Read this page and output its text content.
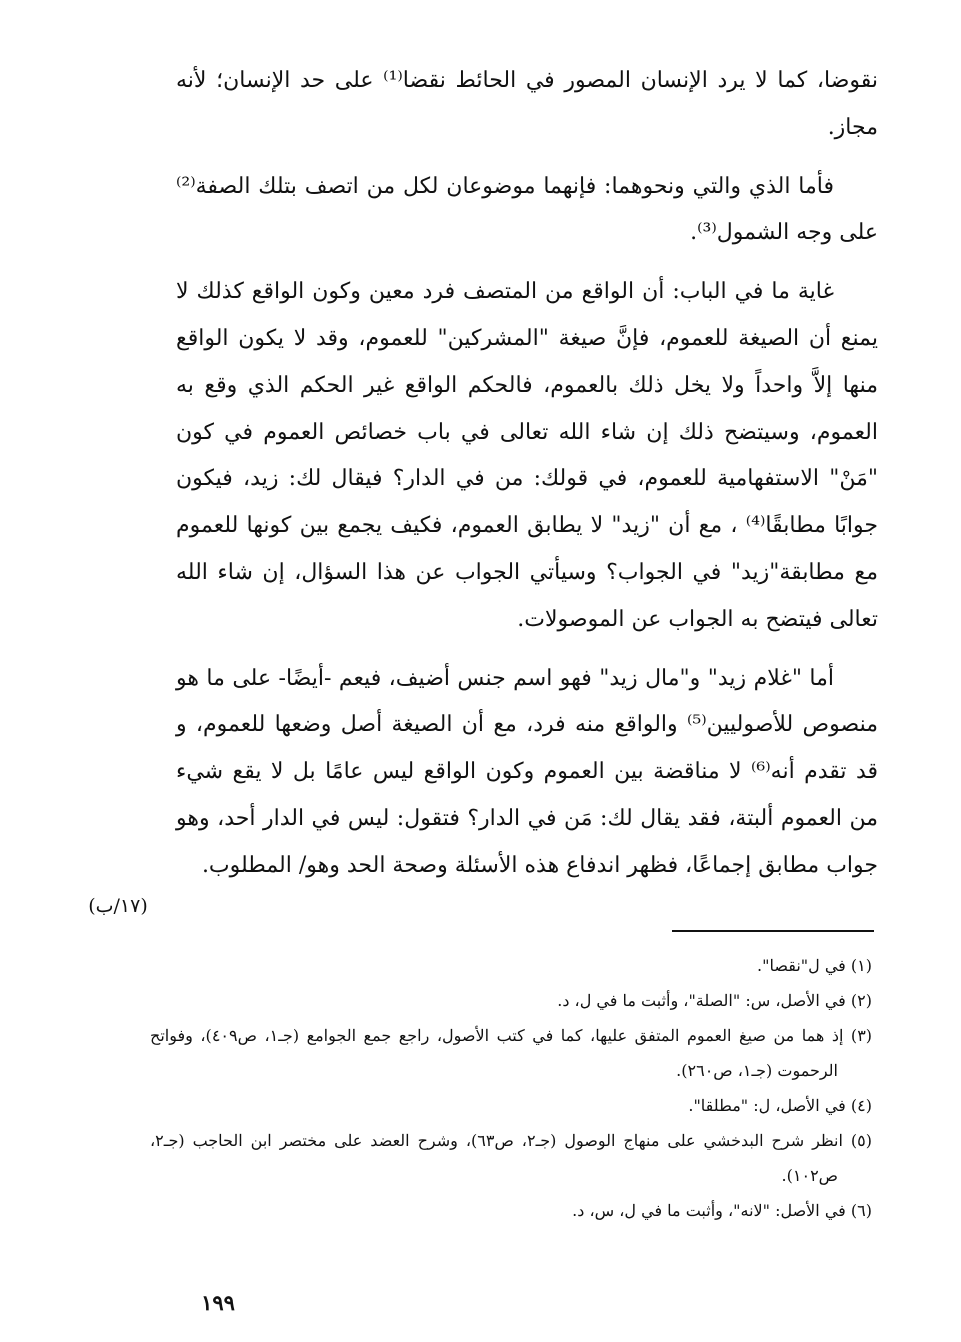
نقوضا، كما لا يرد الإنسان المصور في الحائط نقضا⁽¹⁾ على حد الإنسان؛ لأنه مجاز.

فأما الذي والتي ونحوهما: فإنهما موضوعان لكل من اتصف بتلك الصفة⁽²⁾ على وجه الشمول⁽³⁾.

غاية ما في الباب: أن الواقع من المتصف فرد معين وكون الواقع كذلك لا يمنع أن الصيغة للعموم، فإنَّ صيغة "المشركين" للعموم، وقد لا يكون الواقع منها إلاَّ واحداً ولا يخل ذلك بالعموم، فالحكم الواقع غير الحكم الذي وقع به العموم، وسيتضح ذلك إن شاء الله تعالى في باب خصائص العموم في كون "مَنْ" الاستفهامية للعموم، في قولك: من في الدار؟ فيقال لك: زيد، فيكون جوابًا مطابقًا⁽⁴⁾ ، مع أن "زيد" لا يطابق العموم، فكيف يجمع بين كونها للعموم مع مطابقة"زيد" في الجواب؟ وسيأتي الجواب عن هذا السؤال، إن شاء الله تعالى فيتضح به الجواب عن الموصولات.

أما "غلام زيد" و"مال زيد" فهو اسم جنس أضيف، فيعم -أيضًا- على ما هو منصوص للأصوليين⁽⁵⁾ والواقع منه فرد، مع أن الصيغة أصل وضعها للعموم، و قد تقدم أنه⁽⁶⁾ لا مناقضة بين العموم وكون الواقع ليس عامًا بل لا يقع شيء من العموم ألبتة، فقد يقال لك: مَن في الدار؟ فتقول: ليس في الدار أحد، وهو جواب مطابق إجماعًا، فظهر اندفاع هذه الأسئلة وصحة الحد وهو/ المطلوب.

(١٧/ب)

(١) في ل"نقصا".

(٢) في الأصل، س: "الصلة"، وأثبت ما في ل، د.

(٣) إذ هما من صيغ العموم المتفق عليها، كما في كتب الأصول، راجع جمع الجوامع (جـ١، ص٤٠٩)، وفواتح الرحموت (جـ١، ص٢٦٠).

(٤) في الأصل، ل: "مطلقا".

(٥) انظر شرح البدخشي على منهاج الوصول (جـ٢، ص٦٣)، وشرح العضد على مختصر ابن الحاجب (جـ٢، ص١٠٢).

(٦) في الأصل: "لانه"، وأثبت ما في ل، س، د.

١٩٩
